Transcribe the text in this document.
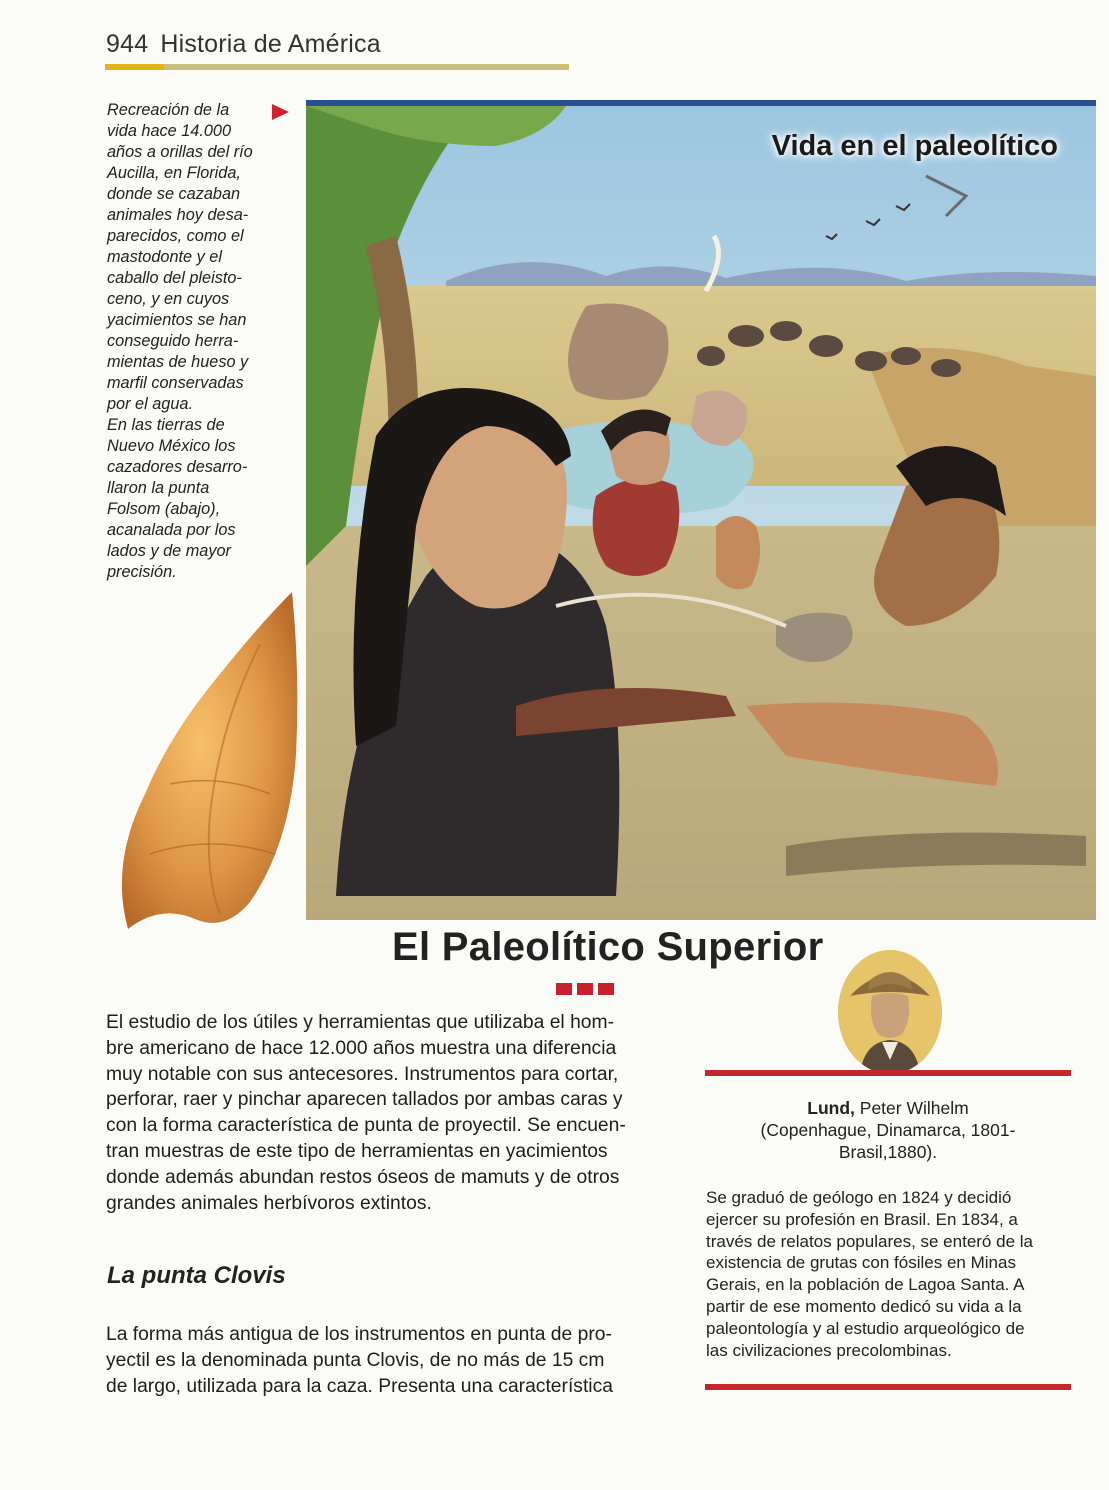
944 Historia de América

Recreación de la

vida hace 14.000

años a orillas del río

Aucilla, en Florida,

donde se cazaban

animales hoy desa-

parecidos, como el

mastodonte y el

caballo del pleisto-

ceno, y en cuyos

yacimientos se han

conseguido herra-

mientas de hueso y

marfil conservadas

por el agua.

En las tierras de

Nuevo México los

cazadores desarro-

llaron la punta

Folsom (abajo),

acanalada por los

lados y de mayor

precisión.

Vida en el paleolítico
El Paleolítico Superior

El estudio de los útiles y herramientas que utilizaba el hom-

bre americano de hace 12.000 años muestra una diferencia

muy notable con sus antecesores. Instrumentos para cortar,

perforar, raer y pinchar aparecen tallados por ambas caras y

con la forma característica de punta de proyectil. Se encuen-

tran muestras de este tipo de herramientas en yacimientos

donde además abundan restos óseos de mamuts y de otros

grandes animales herbívoros extintos.

La punta Clovis

La forma más antigua de los instrumentos en punta de pro-

yectil es la denominada punta Clovis, de no más de 15 cm

de largo, utilizada para la caza. Presenta una característica

Lund, Peter Wilhelm
(Copenhague, Dinamarca, 1801-
Brasil,1880).

Se graduó de geólogo en 1824 y decidió

ejercer su profesión en Brasil. En 1834, a

través de relatos populares, se enteró de la

existencia de grutas con fósiles en Minas

Gerais, en la población de Lagoa Santa. A

partir de ese momento dedicó su vida a la

paleontología y al estudio arqueológico de

las civilizaciones precolombinas.
